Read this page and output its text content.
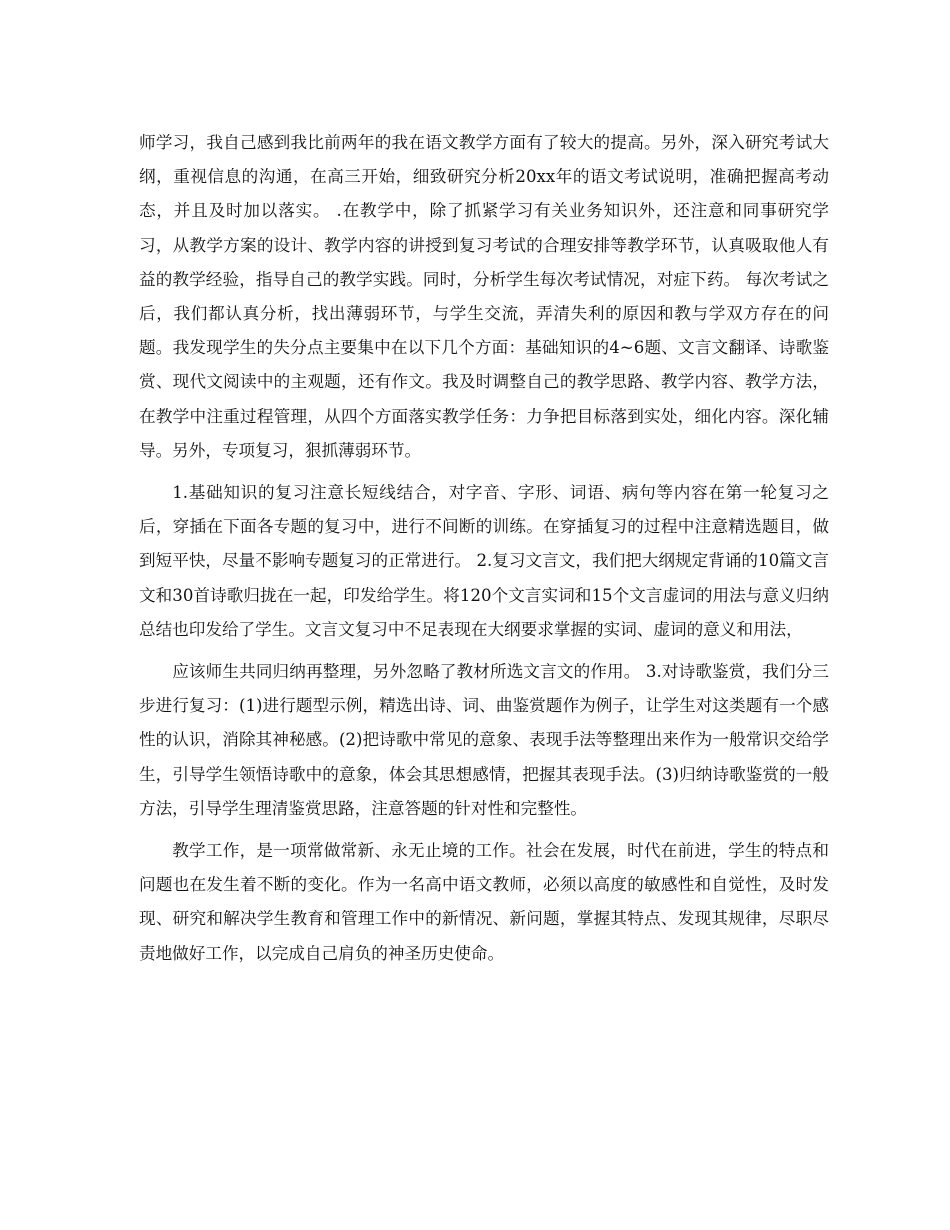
师学习，我自己感到我比前两年的我在语文教学方面有了较大的提高。另外，深入研究考试大纲，重视信息的沟通，在高三开始，细致研究分析20xx年的语文考试说明，准确把握高考动态，并且及时加以落实。 .在教学中，除了抓紧学习有关业务知识外，还注意和同事研究学习，从教学方案的设计、教学内容的讲授到复习考试的合理安排等教学环节，认真吸取他人有益的教学经验，指导自己的教学实践。同时，分析学生每次考试情况，对症下药。 每次考试之后，我们都认真分析，找出薄弱环节，与学生交流，弄清失利的原因和教与学双方存在的问题。我发现学生的失分点主要集中在以下几个方面：基础知识的4~6题、文言文翻译、诗歌鉴赏、现代文阅读中的主观题，还有作文。我及时调整自己的教学思路、教学内容、教学方法，在教学中注重过程管理，从四个方面落实教学任务：力争把目标落到实处，细化内容。深化辅导。另外，专项复习，狠抓薄弱环节。

1.基础知识的复习注意长短线结合，对字音、字形、词语、病句等内容在第一轮复习之后，穿插在下面各专题的复习中，进行不间断的训练。在穿插复习的过程中注意精选题目，做到短平快，尽量不影响专题复习的正常进行。 2.复习文言文，我们把大纲规定背诵的10篇文言文和30首诗歌归拢在一起，印发给学生。将120个文言实词和15个文言虚词的用法与意义归纳总结也印发给了学生。文言文复习中不足表现在大纲要求掌握的实词、虚词的意义和用法，

应该师生共同归纳再整理，另外忽略了教材所选文言文的作用。 3.对诗歌鉴赏，我们分三步进行复习：(1)进行题型示例，精选出诗、词、曲鉴赏题作为例子，让学生对这类题有一个感性的认识，消除其神秘感。(2)把诗歌中常见的意象、表现手法等整理出来作为一般常识交给学生，引导学生领悟诗歌中的意象，体会其思想感情，把握其表现手法。(3)归纳诗歌鉴赏的一般方法，引导学生理清鉴赏思路，注意答题的针对性和完整性。

教学工作，是一项常做常新、永无止境的工作。社会在发展，时代在前进，学生的特点和问题也在发生着不断的变化。作为一名高中语文教师，必须以高度的敏感性和自觉性，及时发现、研究和解决学生教育和管理工作中的新情况、新问题，掌握其特点、发现其规律，尽职尽责地做好工作，以完成自己肩负的神圣历史使命。
